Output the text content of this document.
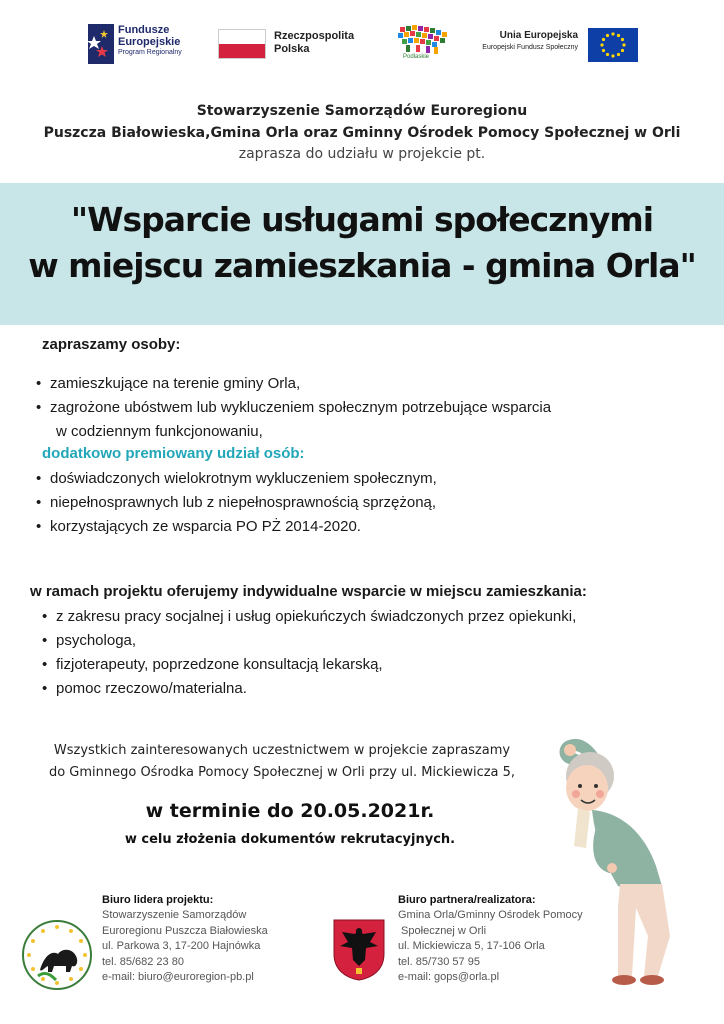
Fundusze
Europejskie
Program Regionalny
Rzeczpospolita
Polska
Podlaskie
Unia Europejska
Europejski Fundusz Społeczny
Stowarzyszenie Samorządów Euroregionu
Puszcza Białowieska,Gmina Orla oraz Gminny Ośrodek Pomocy Społecznej w Orli
zaprasza do udziału w projekcie pt.
"Wsparcie usługami społecznymi
w miejscu zamieszkania - gmina Orla"
zapraszamy osoby:
• zamieszkujące na terenie gminy Orla,
• zagrożone ubóstwem lub wykluczeniem społecznym potrzebujące wsparcia
w codziennym funkcjonowaniu,
dodatkowo premiowany udział osób:
• doświadczonych wielokrotnym wykluczeniem społecznym,
• niepełnosprawnych lub z niepełnosprawnością sprzężoną,
• korzystających ze wsparcia PO PŻ 2014-2020.
w ramach projektu oferujemy indywidualne wsparcie w miejscu zamieszkania:
• z zakresu pracy socjalnej i usług opiekuńczych świadczonych przez opiekunki,
• psychologa,
• fizjoterapeuty, poprzedzone konsultacją lekarską,
• pomoc rzeczowo/materialna.
Wszystkich zainteresowanych uczestnictwem w projekcie zapraszamy
do Gminnego Ośrodka Pomocy Społecznej w Orli przy ul. Mickiewicza 5,
w terminie do 20.05.2021r.
w celu złożenia dokumentów rekrutacyjnych.
Biuro lidera projektu:
Stowarzyszenie Samorządów
Euroregionu Puszcza Białowieska
ul. Parkowa 3, 17-200 Hajnówka
tel. 85/682 23 80
e-mail: biuro@euroregion-pb.pl
Biuro partnera/realizatora:
Gmina Orla/Gminny Ośrodek Pomocy
Społecznej w Orli
ul. Mickiewicza 5, 17-106 Orla
tel. 85/730 57 95
e-mail: gops@orla.pl
